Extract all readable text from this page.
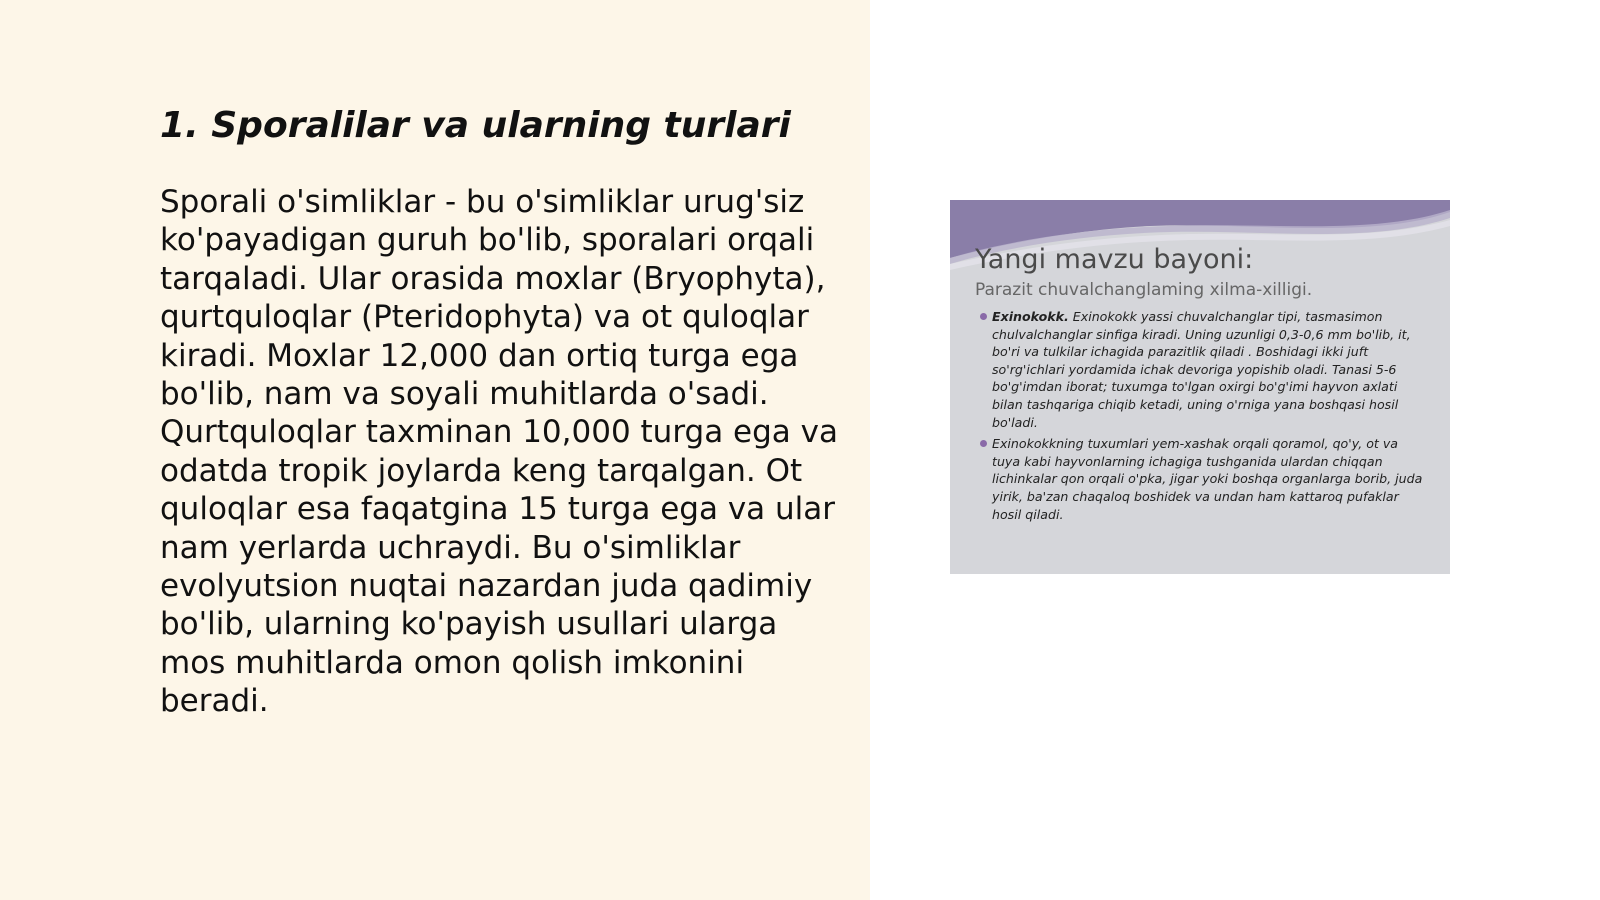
1. Sporalilar va ularning turlari

Sporali o'simliklar - bu o'simliklar urug'siz ko'payadigan guruh bo'lib, sporalari orqali tarqaladi. Ular orasida moxlar (Bryophyta), qurtquloqlar (Pteridophyta) va ot quloqlar kiradi. Moxlar 12,000 dan ortiq turga ega bo'lib, nam va soyali muhitlarda o'sadi. Qurtquloqlar taxminan 10,000 turga ega va odatda tropik joylarda keng tarqalgan. Ot quloqlar esa faqatgina 15 turga ega va ular nam yerlarda uchraydi. Bu o'simliklar evolyutsion nuqtai nazardan juda qadimiy bo'lib, ularning ko'payish usullari ularga mos muhitlarda omon qolish imkonini beradi.

Yangi mavzu bayoni:
Parazit chuvalchanglaming xilma-xilligi.
Exinokokk. Exinokokk yassi chuvalchanglar tipi, tasmasimon chulvalchanglar sinfiga kiradi. Uning uzunligi 0,3-0,6 mm bo'lib, it, bo'ri va tulkilar ichagida parazitlik qiladi . Boshidagi ikki juft so'rg'ichlari yordamida ichak devoriga yopishib oladi. Tanasi 5-6 bo'g'imdan iborat; tuxumga to'lgan oxirgi bo'g'imi hayvon axlati bilan tashqariga chiqib ketadi, uning o'rniga yana boshqasi hosil bo'ladi.
Exinokokkning tuxumlari yem-xashak orqali qoramol, qo'y, ot va tuya kabi hayvonlarning ichagiga tushganida ulardan chiqqan lichinkalar qon orqali o'pka, jigar yoki boshqa organlarga borib, juda yirik, ba'zan chaqaloq boshidek va undan ham kattaroq pufaklar hosil qiladi.
